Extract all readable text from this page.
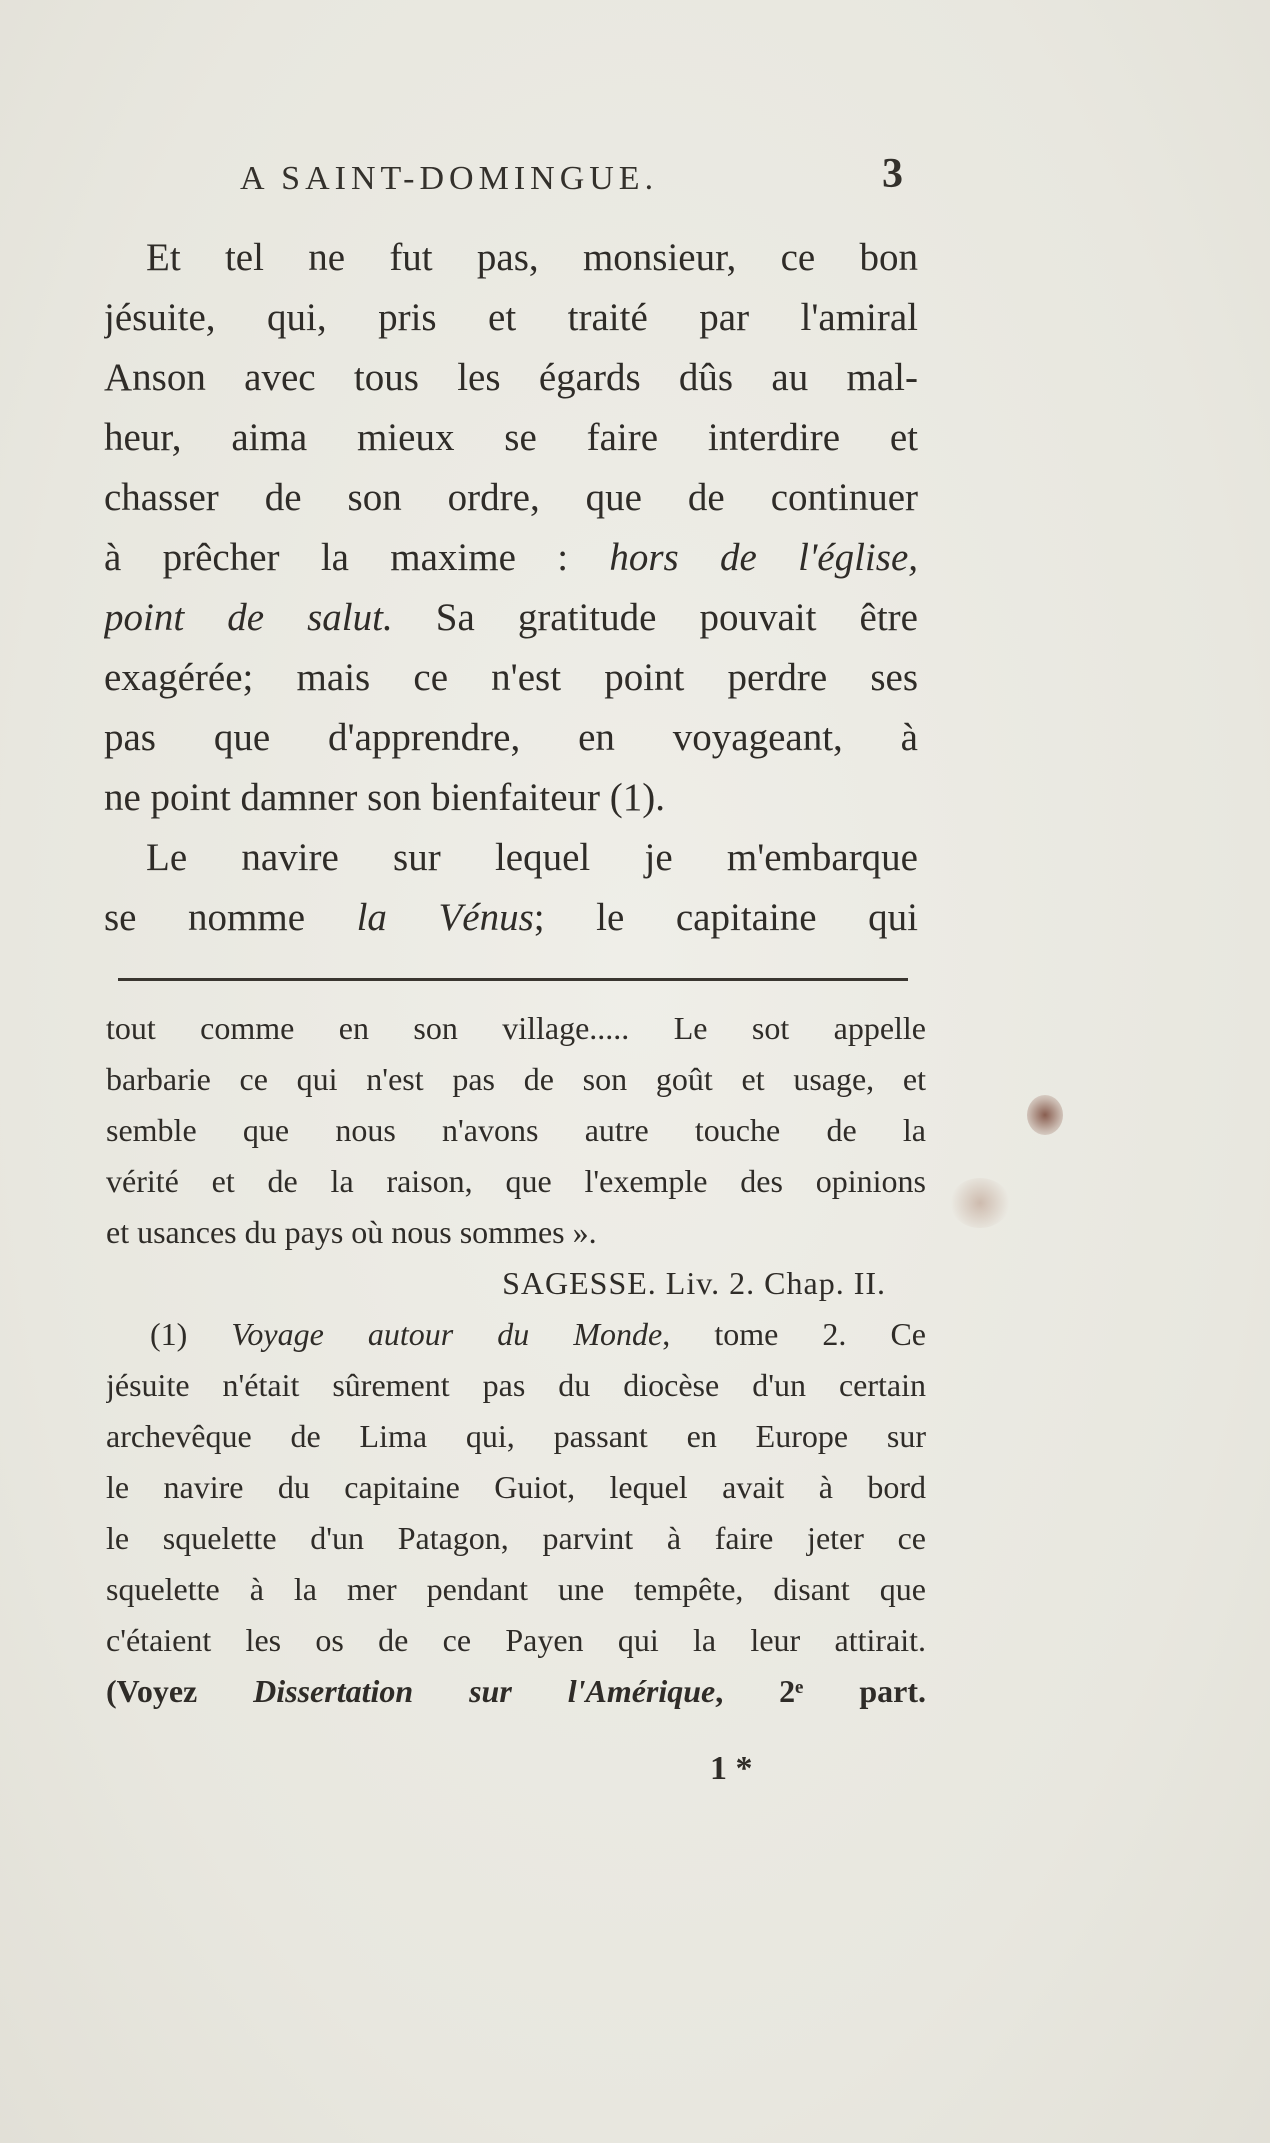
A SAINT-DOMINGUE.	3
Et tel ne fut pas, monsieur, ce bon
jésuite, qui, pris et traité par l'amiral
Anson avec tous les égards dûs au mal-
heur, aima mieux se faire interdire et
chasser de son ordre, que de continuer
à prêcher la maxime : hors de l'église,
point de salut. Sa gratitude pouvait être
exagérée; mais ce n'est point perdre ses
pas que d'apprendre, en voyageant, à
ne point damner son bienfaiteur (1).
Le navire sur lequel je m'embarque
se nomme la Vénus; le capitaine qui
tout comme en son village..... Le sot appelle
barbarie ce qui n'est pas de son goût et usage, et
semble que nous n'avons autre touche de la
vérité et de la raison, que l'exemple des opinions
et usances du pays où nous sommes ».
SAGESSE. Liv. 2. Chap. II.
(1) Voyage autour du Monde, tome 2. Ce
jésuite n'était sûrement pas du diocèse d'un certain
archevêque de Lima qui, passant en Europe sur
le navire du capitaine Guiot, lequel avait à bord
le squelette d'un Patagon, parvint à faire jeter ce
squelette à la mer pendant une tempête, disant que
c'étaient les os de ce Payen qui la leur attirait.
(Voyez Dissertation sur l'Amérique, 2ᵉ part.
1 *
